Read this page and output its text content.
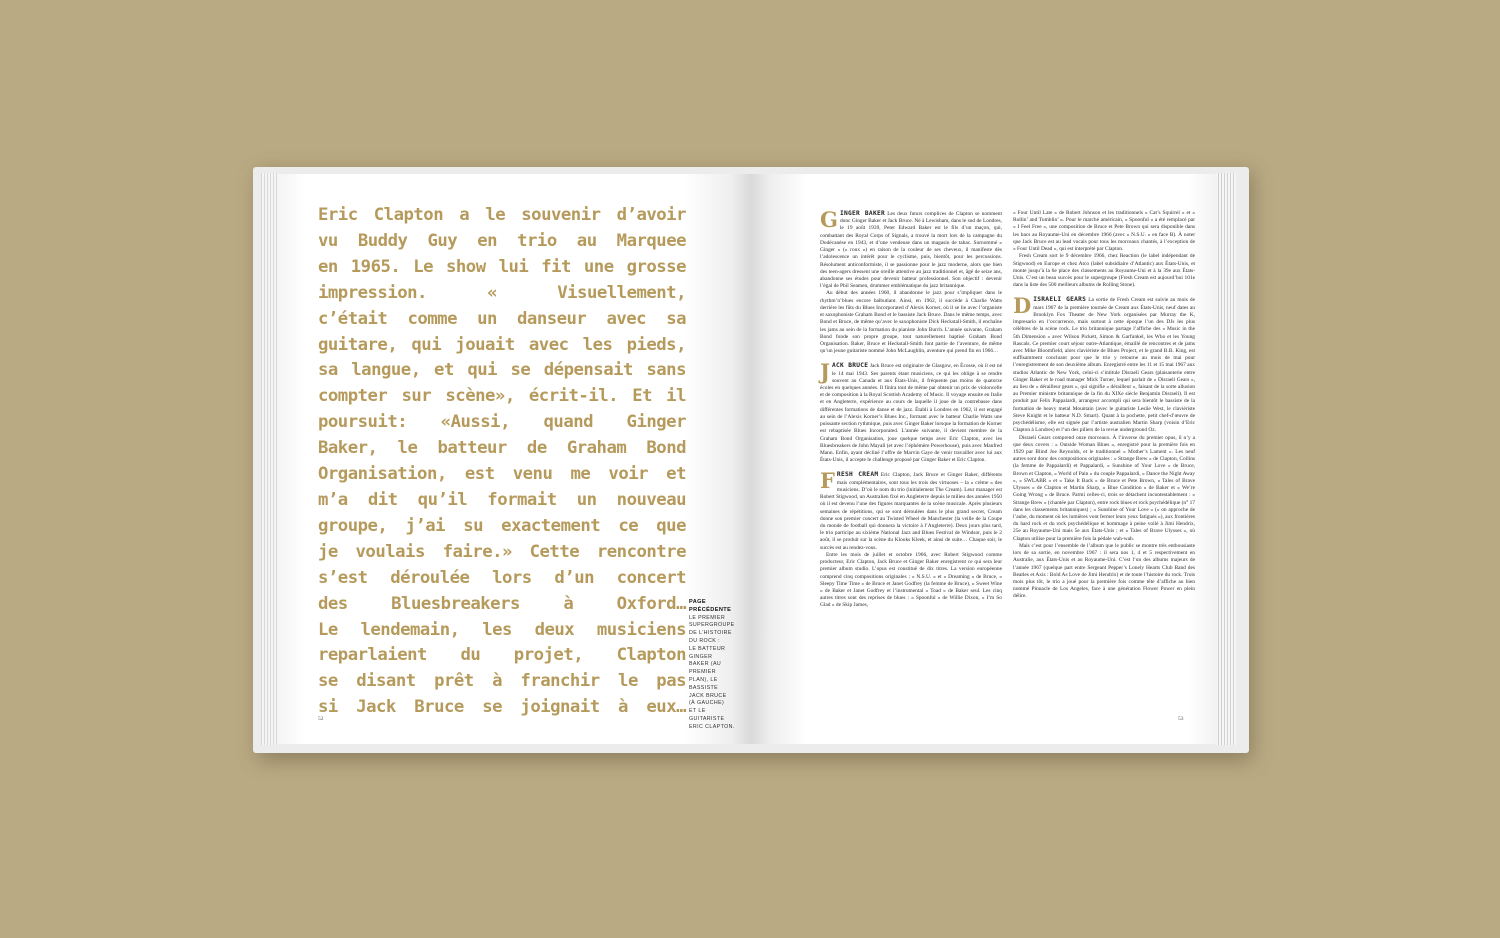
Eric Clapton a le souvenir d’avoir
vu Buddy Guy en trio au Marquee
en 1965. Le show lui fit une grosse
impression. « Visuellement,
c’était comme un danseur avec sa
guitare, qui jouait avec les pieds,
sa langue, et qui se dépensait sans
compter sur scène», écrit-il. Et il
poursuit: «Aussi, quand Ginger
Baker, le batteur de Graham Bond
Organisation, est venu me voir et
m’a dit qu’il formait un nouveau
groupe, j’ai su exactement ce que
je voulais faire.» Cette rencontre
s’est déroulée lors d’un concert
des Bluesbreakers à Oxford…
Le lendemain, les deux musiciens
reparlaient du projet, Clapton
se disant prêt à franchir le pas
si Jack Bruce se joignait à eux…
PAGE PRÉCÉDENTE
LE PREMIER
SUPERGROUPE
DE L’HISTOIRE
DU ROCK :
LE BATTEUR GINGER
BAKER (AU PREMIER
PLAN), LE BASSISTE
JACK BRUCE
(À GAUCHE)
ET LE GUITARISTE
ERIC CLAPTON.
52	53

GINGER BAKER Les deux futurs complices de Clapton se nomment donc Ginger Baker et Jack Bruce. Né à Lewisham, dans le sud de Londres, le 19 août 1939, Peter Edward Baker est le fils d’un maçon, qui, combattant des Royal Corps of Signals, a trouvé la mort lors de la campagne du Dodécanèse en 1943, et d’une vendeuse dans un magasin de tabac. Surnommé « Ginger » (« roux ») en raison de la couleur de ses cheveux, il manifeste dès l’adolescence un intérêt pour le cyclisme, puis, bientôt, pour les percussions. Résolument anticonformiste, il se passionne pour le jazz moderne, alors que bien des teen-agers dressent une oreille attentive au jazz traditionnel et, âgé de seize ans, abandonne ses études pour devenir batteur professionnel. Son objectif : devenir l’égal de Phil Seamen, drummer emblématique du jazz britannique.

Au début des années 1960, il abandonne le jazz pour s’impliquer dans le rhythm’n’blues encore balbutiant. Ainsi, en 1962, il succède à Charlie Watts derrière les fûts du Blues Incorporated d’Alexis Korner, où il se lie avec l’organiste et saxophoniste Graham Bond et le bassiste Jack Bruce. Dans le même temps, avec Bond et Bruce, de même qu’avec le saxophoniste Dick Heckstall-Smith, il enchaîne les jams au sein de la formation du pianiste John Burch. L’année suivante, Graham Bond fonde son propre groupe, tout naturellement baptisé Graham Bond Organisation. Baker, Bruce et Heckstall-Smith font partie de l’aventure, de même qu’un jeune guitariste nommé John McLaughlin, aventure qui prend fin en 1966…

JACK BRUCE Jack Bruce est originaire de Glasgow, en Écosse, où il est né le 14 mai 1943. Ses parents étant musiciens, ce qui les oblige à se rendre souvent au Canada et aux États-Unis, il fréquente pas moins de quatorze écoles en quelques années. Il finira tout de même par obtenir un prix de violoncelle et de composition à la Royal Scottish Academy of Music. Il voyage ensuite en Italie et en Angleterre, expérience au cours de laquelle il joue de la contrebasse dans différentes formations de danse et de jazz. Établi à Londres en 1962, il est engagé au sein de l’Alexis Korner’s Blues Inc., formant avec le batteur Charlie Watts une puissante section rythmique, puis avec Ginger Baker lorsque la formation de Korner est rebaptisée Blues Incorporated. L’année suivante, il devient membre de la Graham Bond Organisation, joue quelque temps avec Eric Clapton, avec les Bluesbreakers de John Mayall (et avec l’éphémère Powerhouse), puis avec Manfred Mann. Enfin, ayant décliné l’offre de Marvin Gaye de venir travailler avec lui aux États-Unis, il accepte le challenge proposé par Ginger Baker et Eric Clapton.

FRESH CREAM Eric Clapton, Jack Bruce et Ginger Baker, différents mais complémentaires, sont tous les trois des virtuoses – la « crème » des musiciens. D’où le nom du trio (initialement The Cream). Leur manager est Robert Stigwood, un Australien fixé en Angleterre depuis le milieu des années 1950 où il est devenu l’une des figures marquantes de la scène musicale. Après plusieurs semaines de répétitions, qui se sont déroulées dans le plus grand secret, Cream donne son premier concert au Twisted Wheel de Manchester (la veille de la Coupe du monde de football qui donnera la victoire à l’Angleterre). Deux jours plus tard, le trio participe au sixième National Jazz and Blues Festival de Windsor, puis le 2 août, il se produit sur la scène du Klooks Kleek, et ainsi de suite… Chaque soir, le succès est au rendez-vous.

Entre les mois de juillet et octobre 1966, avec Robert Stigwood comme producteur, Eric Clapton, Jack Bruce et Ginger Baker enregistrent ce qui sera leur premier album studio. L’opus est constitué de dix titres. La version européenne comprend cinq compositions originales : « N.S.U. » et « Dreaming » de Bruce, « Sleepy Time Time » de Bruce et Janet Godfrey (la femme de Bruce), « Sweet Wine » de Baker et Janet Godfrey et l’instrumental « Toad » de Baker seul. Les cinq autres titres sont des reprises de blues : « Spoonful » de Willie Dixon, « I’m So Glad » de Skip James,

« Four Until Late » de Robert Johnson et les traditionnels « Cat’s Squirrel » et « Rollin’ and Tumblin’ ». Pour le marché américain, « Spoonful » a été remplacé par « I Feel Free », une composition de Bruce et Pete Brown qui sera disponible dans les bacs au Royaume-Uni en décembre 1966 (avec « N.S.U. » en face B). À noter que Jack Bruce est au lead vocals pour tous les morceaux chantés, à l’exception de « Four Until Dead », qui est interprété par Clapton.

Fresh Cream sort le 9 décembre 1966, chez Reaction (le label indépendant de Stigwood) en Europe et chez Atco (label subsidiaire d’Atlantic) aux États-Unis, et monte jusqu’à la 6e place des classements au Royaume-Uni et à la 39e aux États-Unis. C’est un beau succès pour le supergroupe (Fresh Cream est aujourd’hui 101e dans la liste des 500 meilleurs albums de Rolling Stone).

DISRAELI GEARS La sortie de Fresh Cream est suivie au mois de mars 1967 de la première tournée de Cream aux États-Unis, neuf dates au Brooklyn Fox Theater de New York organisées par Murray the K, impresario en l’occurrence, mais surtout à cette époque l’un des DJs les plus célèbres de la scène rock. Le trio britannique partage l’affiche des « Music in the 5th Dimension » avec Wilson Pickett, Simon & Garfunkel, les Who et les Young Rascals. Ce premier court séjour outre-Atlantique, émaillé de rencontres et de jams avec Mike Bloomfield, alors claviériste de Blues Project, et le grand B.B. King, est suffisamment concluant pour que le trio y retourne au mois de mai pour l’enregistrement de son deuxième album. Enregistré entre les 11 et 15 mai 1967 aux studios Atlantic de New York, celui-ci s’intitule Disraeli Gears (plaisanterie entre Ginger Baker et le road manager Mick Turner, lequel parlait de « Disraeli Gears », au lieu de « dérailleur gears », qui signifie « dérailleur », faisant de la sorte allusion au Premier ministre britannique de la fin du XIXe siècle Benjamin Disraeli). Il est produit par Felix Pappalardi, arrangeur accompli qui sera bientôt le bassiste de la formation de heavy metal Mountain (avec le guitariste Leslie West, le claviériste Steve Knight et le batteur N.D. Smart). Quant à la pochette, petit chef-d’œuvre de psychédélisme, elle est signée par l’artiste australien Martin Sharp (voisin d’Eric Clapton à Londres) et l’un des piliers de la revue underground Oz.

Disraeli Gears comprend onze morceaux. À l’inverse du premier opus, il n’y a que deux covers : « Outside Woman Blues », enregistré pour la première fois en 1929 par Blind Joe Reynolds, et le traditionnel « Mother’s Lament ». Les neuf autres sont donc des compositions originales : « Strange Brew » de Clapton, Collins (la femme de Pappalardi) et Pappalardi, « Sunshine of Your Love » de Bruce, Brown et Clapton, « World of Pain » du couple Pappalardi, « Dance the Night Away », « SWLABR » et « Take It Back » de Bruce et Pete Brown, « Tales of Brave Ulysses » de Clapton et Martin Sharp, « Blue Condition » de Baker et « We’re Going Wrong » de Bruce. Parmi celles-ci, trois se détachent incontestablement : « Strange Brew » (chantée par Clapton), entre rock blues et rock psychédélique (n° 17 dans les classements britanniques) ; « Sunshine of Your Love » (« on approche de l’aube, du moment où les lumières vont fermer leurs yeux fatigués »), aux frontières du hard rock et du rock psychédélique et hommage à peine voilé à Jimi Hendrix, 25e au Royaume-Uni mais 5e aux États-Unis ; et « Tales of Brave Ulysses », où Clapton utilise pour la première fois la pédale wah-wah.

Mais c’est pour l’ensemble de l’album que le public se montre très enthousiaste lors de sa sortie, en novembre 1967 : il sera nos 1, 4 et 5 respectivement en Australie, aux États-Unis et au Royaume-Uni. C’est l’un des albums majeurs de l’année 1967 (quelque part entre Sergeant Pepper’s Lonely Hearts Club Band des Beatles et Axis : Bold As Love de Jimi Hendrix) et de toute l’histoire du rock. Trois mois plus tôt, le trio a joué pour la première fois comme tête d’affiche au bien nommé Pinnacle de Los Angeles, face à une génération Flower Power en plein délire.
